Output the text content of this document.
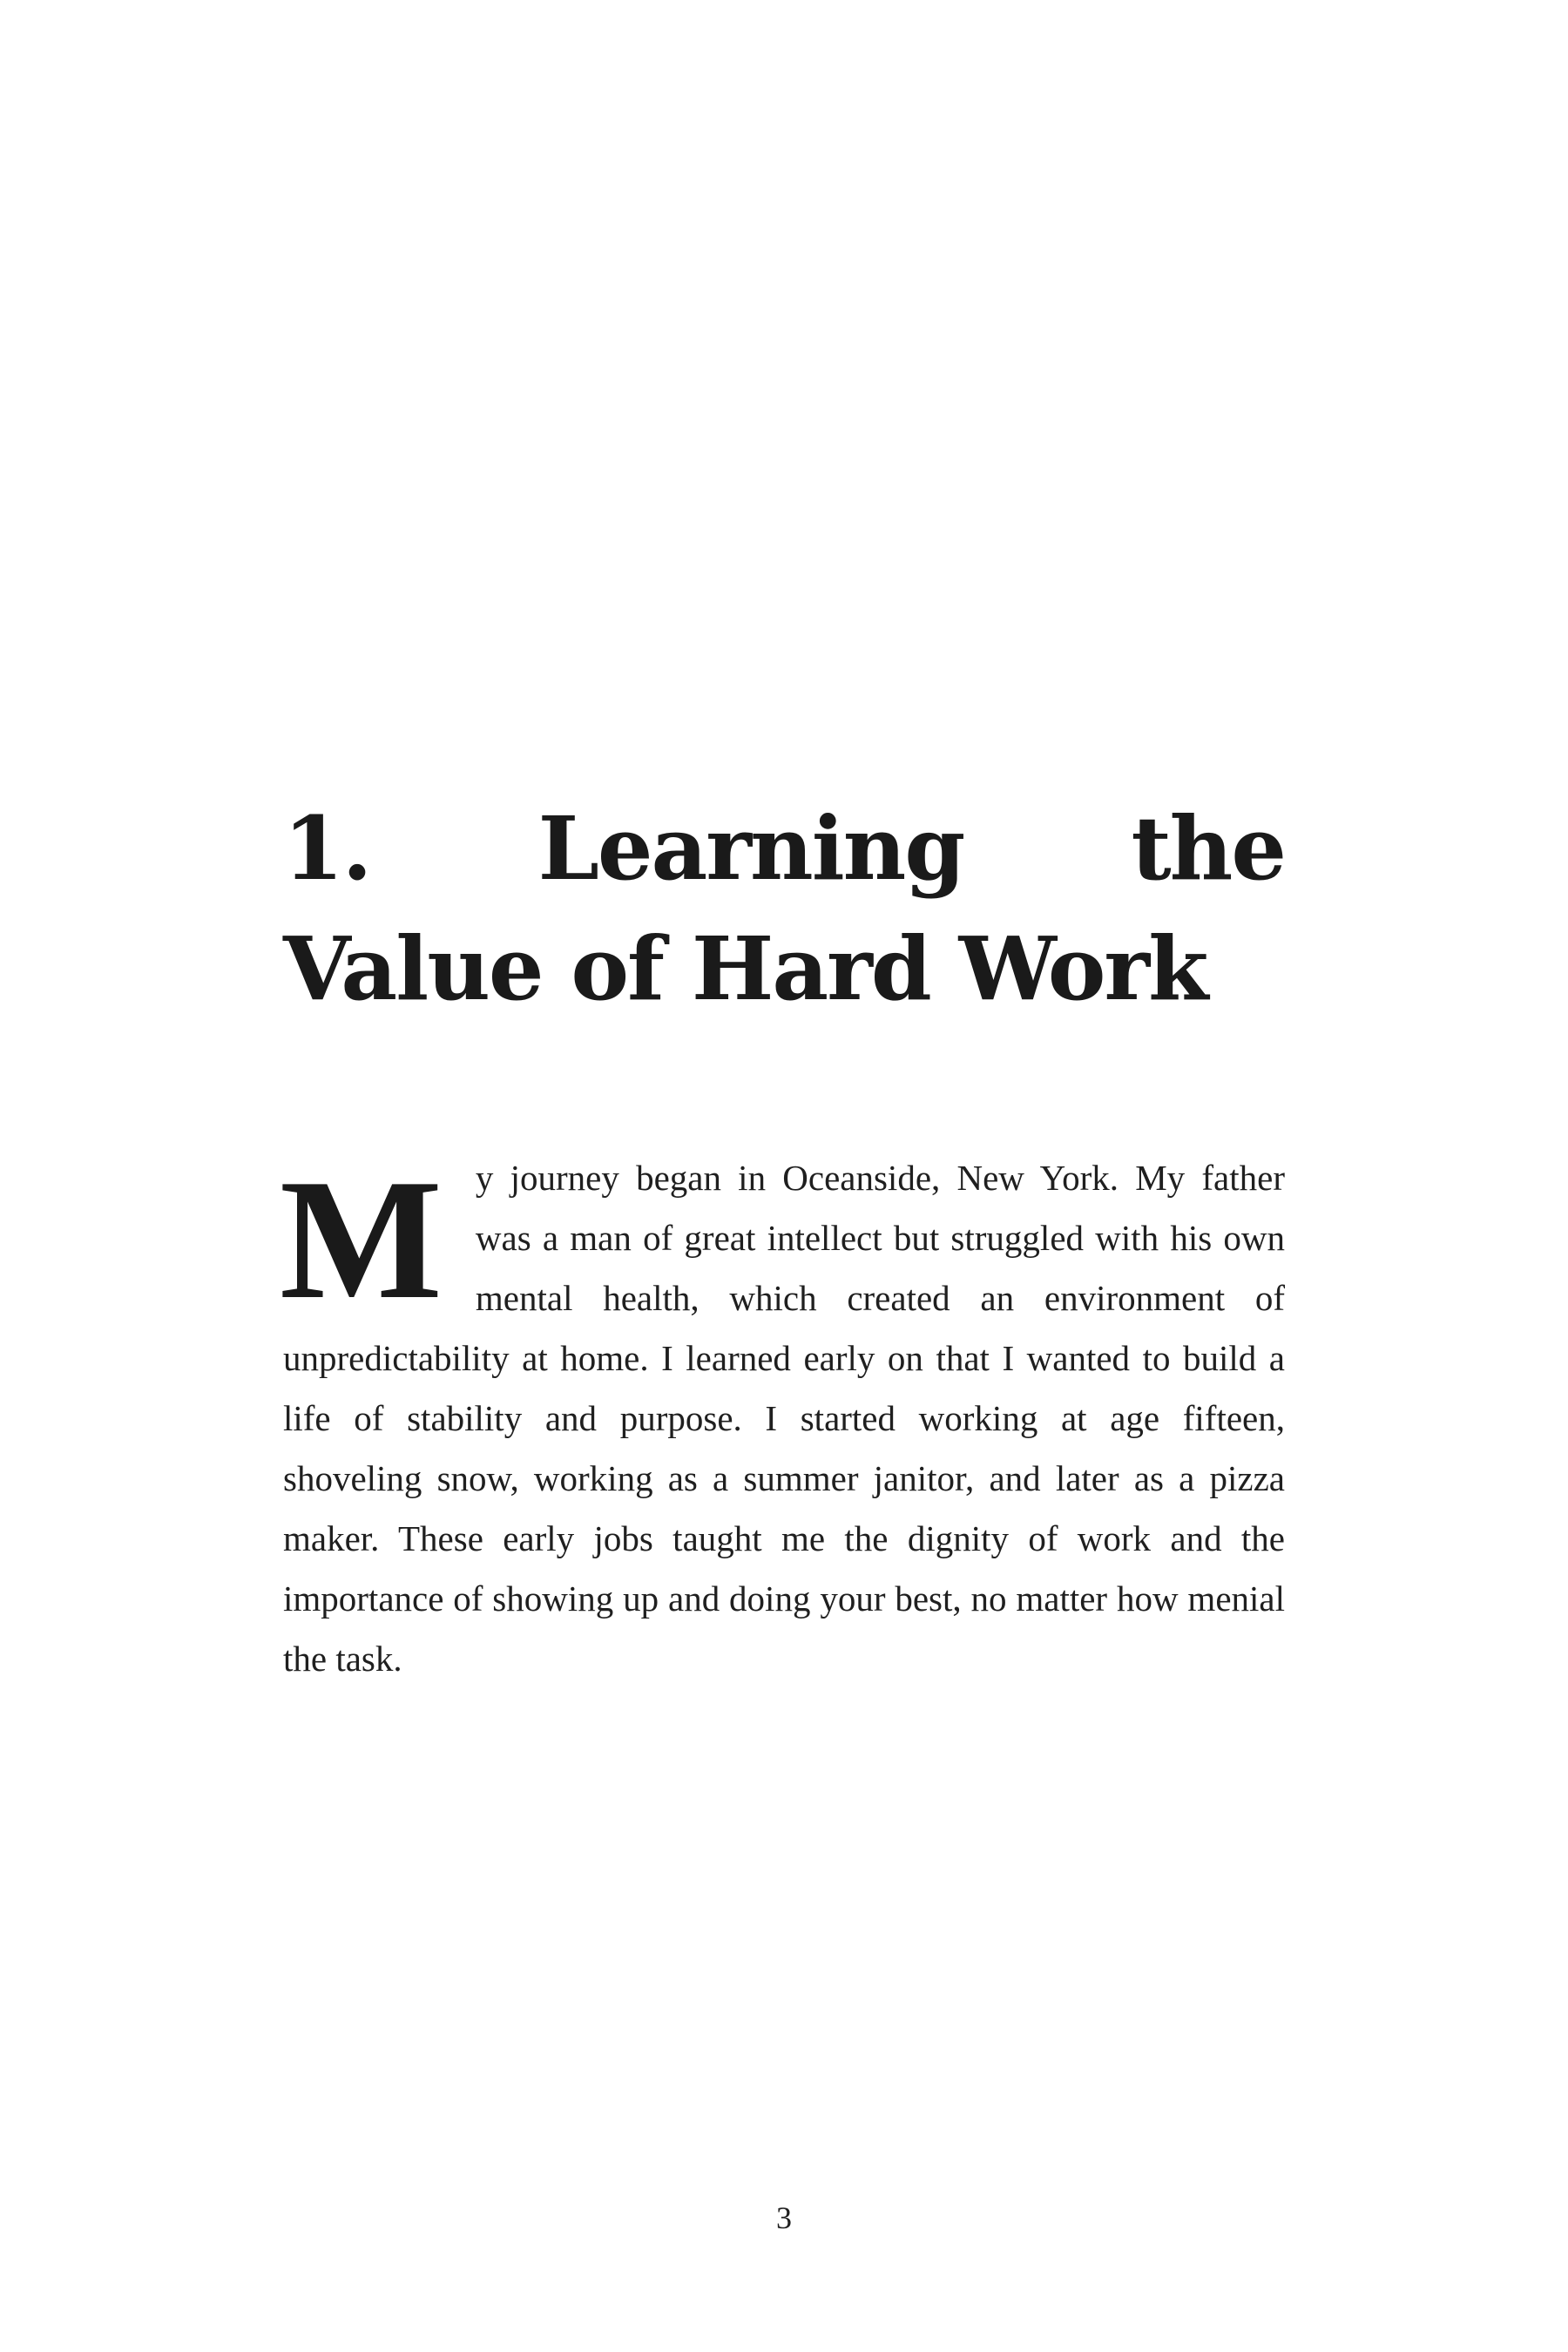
1. Learning the Value of Hard Work

My journey began in Oceanside, New York. My father was a man of great intellect but struggled with his own mental health, which created an environment of unpredictability at home. I learned early on that I wanted to build a life of stability and purpose. I started working at age fifteen, shoveling snow, working as a summer janitor, and later as a pizza maker. These early jobs taught me the dignity of work and the importance of showing up and doing your best, no matter how menial the task.

3
